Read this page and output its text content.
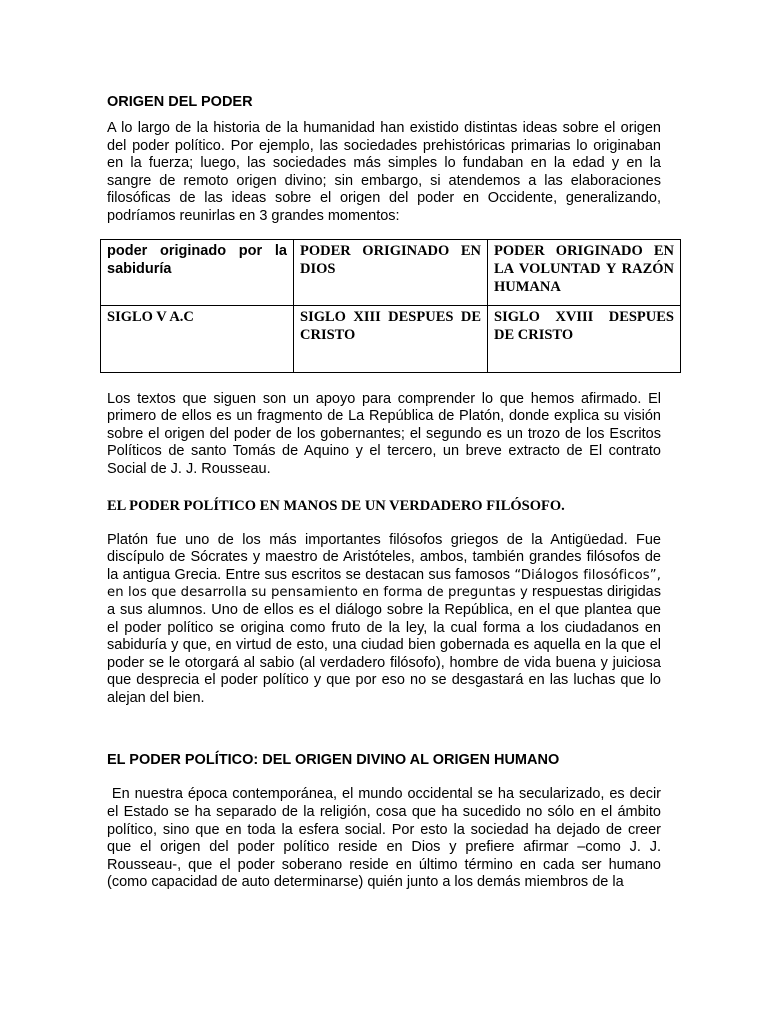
ORIGEN DEL PODER

A lo largo de la historia de la humanidad han existido distintas ideas sobre el origen del poder político. Por ejemplo, las sociedades prehistóricas primarias lo originaban en la fuerza; luego, las sociedades más simples lo fundaban en la edad y en la sangre de remoto origen divino; sin embargo, si atendemos a las elaboraciones filosóficas de las ideas sobre el origen del poder en Occidente, generalizando, podríamos reunirlas en 3 grandes momentos:

poder originado por la sabiduría	PODER ORIGINADO EN DIOS	PODER ORIGINADO EN LA VOLUNTAD Y RAZÓN HUMANA
SIGLO V A.C	SIGLO XIII DESPUES DE CRISTO	SIGLO XVIII DESPUES DE CRISTO

Los textos que siguen son un apoyo para comprender lo que hemos afirmado. El primero de ellos es un fragmento de La República de Platón, donde explica su visión sobre el origen del poder de los gobernantes; el segundo es un trozo de los Escritos Políticos de santo Tomás de Aquino y el tercero, un breve extracto de El contrato Social de J. J. Rousseau.

EL PODER POLÍTICO EN MANOS DE UN VERDADERO FILÓSOFO.

Platón fue uno de los más importantes filósofos griegos de la Antigüedad. Fue discípulo de Sócrates y maestro de Aristóteles, ambos, también grandes filósofos de la antigua Grecia. Entre sus escritos se destacan sus famosos “Diálogos filosóficos”, en los que desarrolla su pensamiento en forma de preguntas y respuestas dirigidas a sus alumnos. Uno de ellos es el diálogo sobre la República, en el que plantea que el poder político se origina como fruto de la ley, la cual forma a los ciudadanos en sabiduría y que, en virtud de esto, una ciudad bien gobernada es aquella en la que el poder se le otorgará al sabio (al verdadero filósofo), hombre de vida buena y juiciosa que desprecia el poder político y que por eso no se desgastará en las luchas que lo alejan del bien.

EL PODER POLÍTICO: DEL ORIGEN DIVINO AL ORIGEN HUMANO

En nuestra época contemporánea, el mundo occidental se ha secularizado, es decir el Estado se ha separado de la religión, cosa que ha sucedido no sólo en el ámbito político, sino que en toda la esfera social. Por esto la sociedad ha dejado de creer que el origen del poder político reside en Dios y prefiere afirmar –como J. J. Rousseau-, que el poder soberano reside en último término en cada ser humano (como capacidad de auto determinarse) quién junto a los demás miembros de la
